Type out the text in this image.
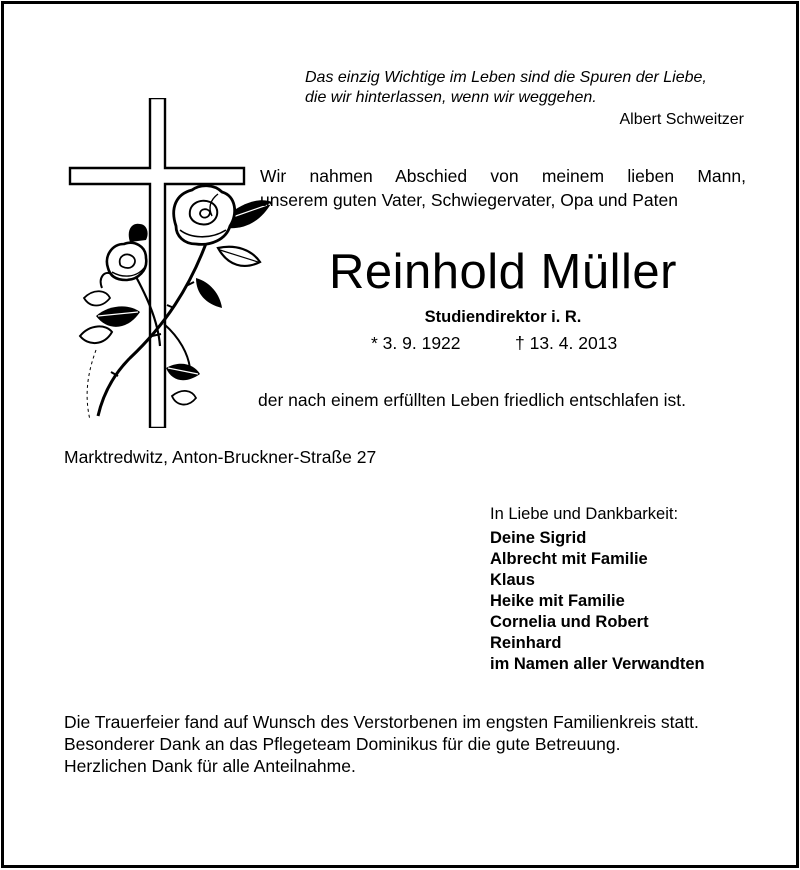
Das einzig Wichtige im Leben sind die Spuren der Liebe,
die wir hinterlassen, wenn wir weggehen.
Albert Schweitzer

Wir nahmen Abschied von meinem lieben Mann,

unserem guten Vater, Schwiegervater, Opa und Paten

Reinhold Müller
Studiendirektor i. R.
* 3. 9. 1922	† 13. 4. 2013
der nach einem erfüllten Leben friedlich entschlafen ist.
Marktredwitz, Anton-Bruckner-Straße 27
In Liebe und Dankbarkeit:
Deine Sigrid
Albrecht mit Familie
Klaus
Heike mit Familie
Cornelia und Robert
Reinhard
im Namen aller Verwandten

Die Trauerfeier fand auf Wunsch des Verstorbenen im engsten Familienkreis statt.

Besonderer Dank an das Pflegeteam Dominikus für die gute Betreuung.

Herzlichen Dank für alle Anteilnahme.
